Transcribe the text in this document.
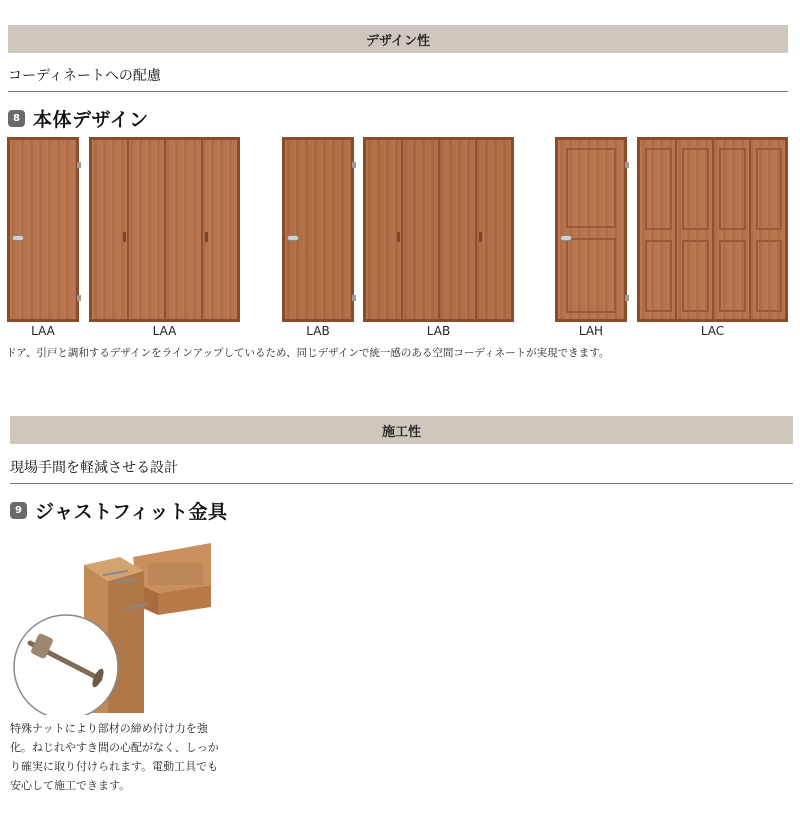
デザイン性
コーディネートへの配慮
8 本体デザイン
LAA	LAA	LAB	LAB	LAH	LAC
ドア、引戸と調和するデザインをラインアップしているため、同じデザインで統一感のある空間コーディネートが実現できます。
施工性
現場手間を軽減させる設計
9 ジャストフィット金具
特殊ナットにより部材の締め付け力を強化。ねじれやすき間の心配がなく、しっかり確実に取り付けられます。電動工具でも安心して施工できます。
